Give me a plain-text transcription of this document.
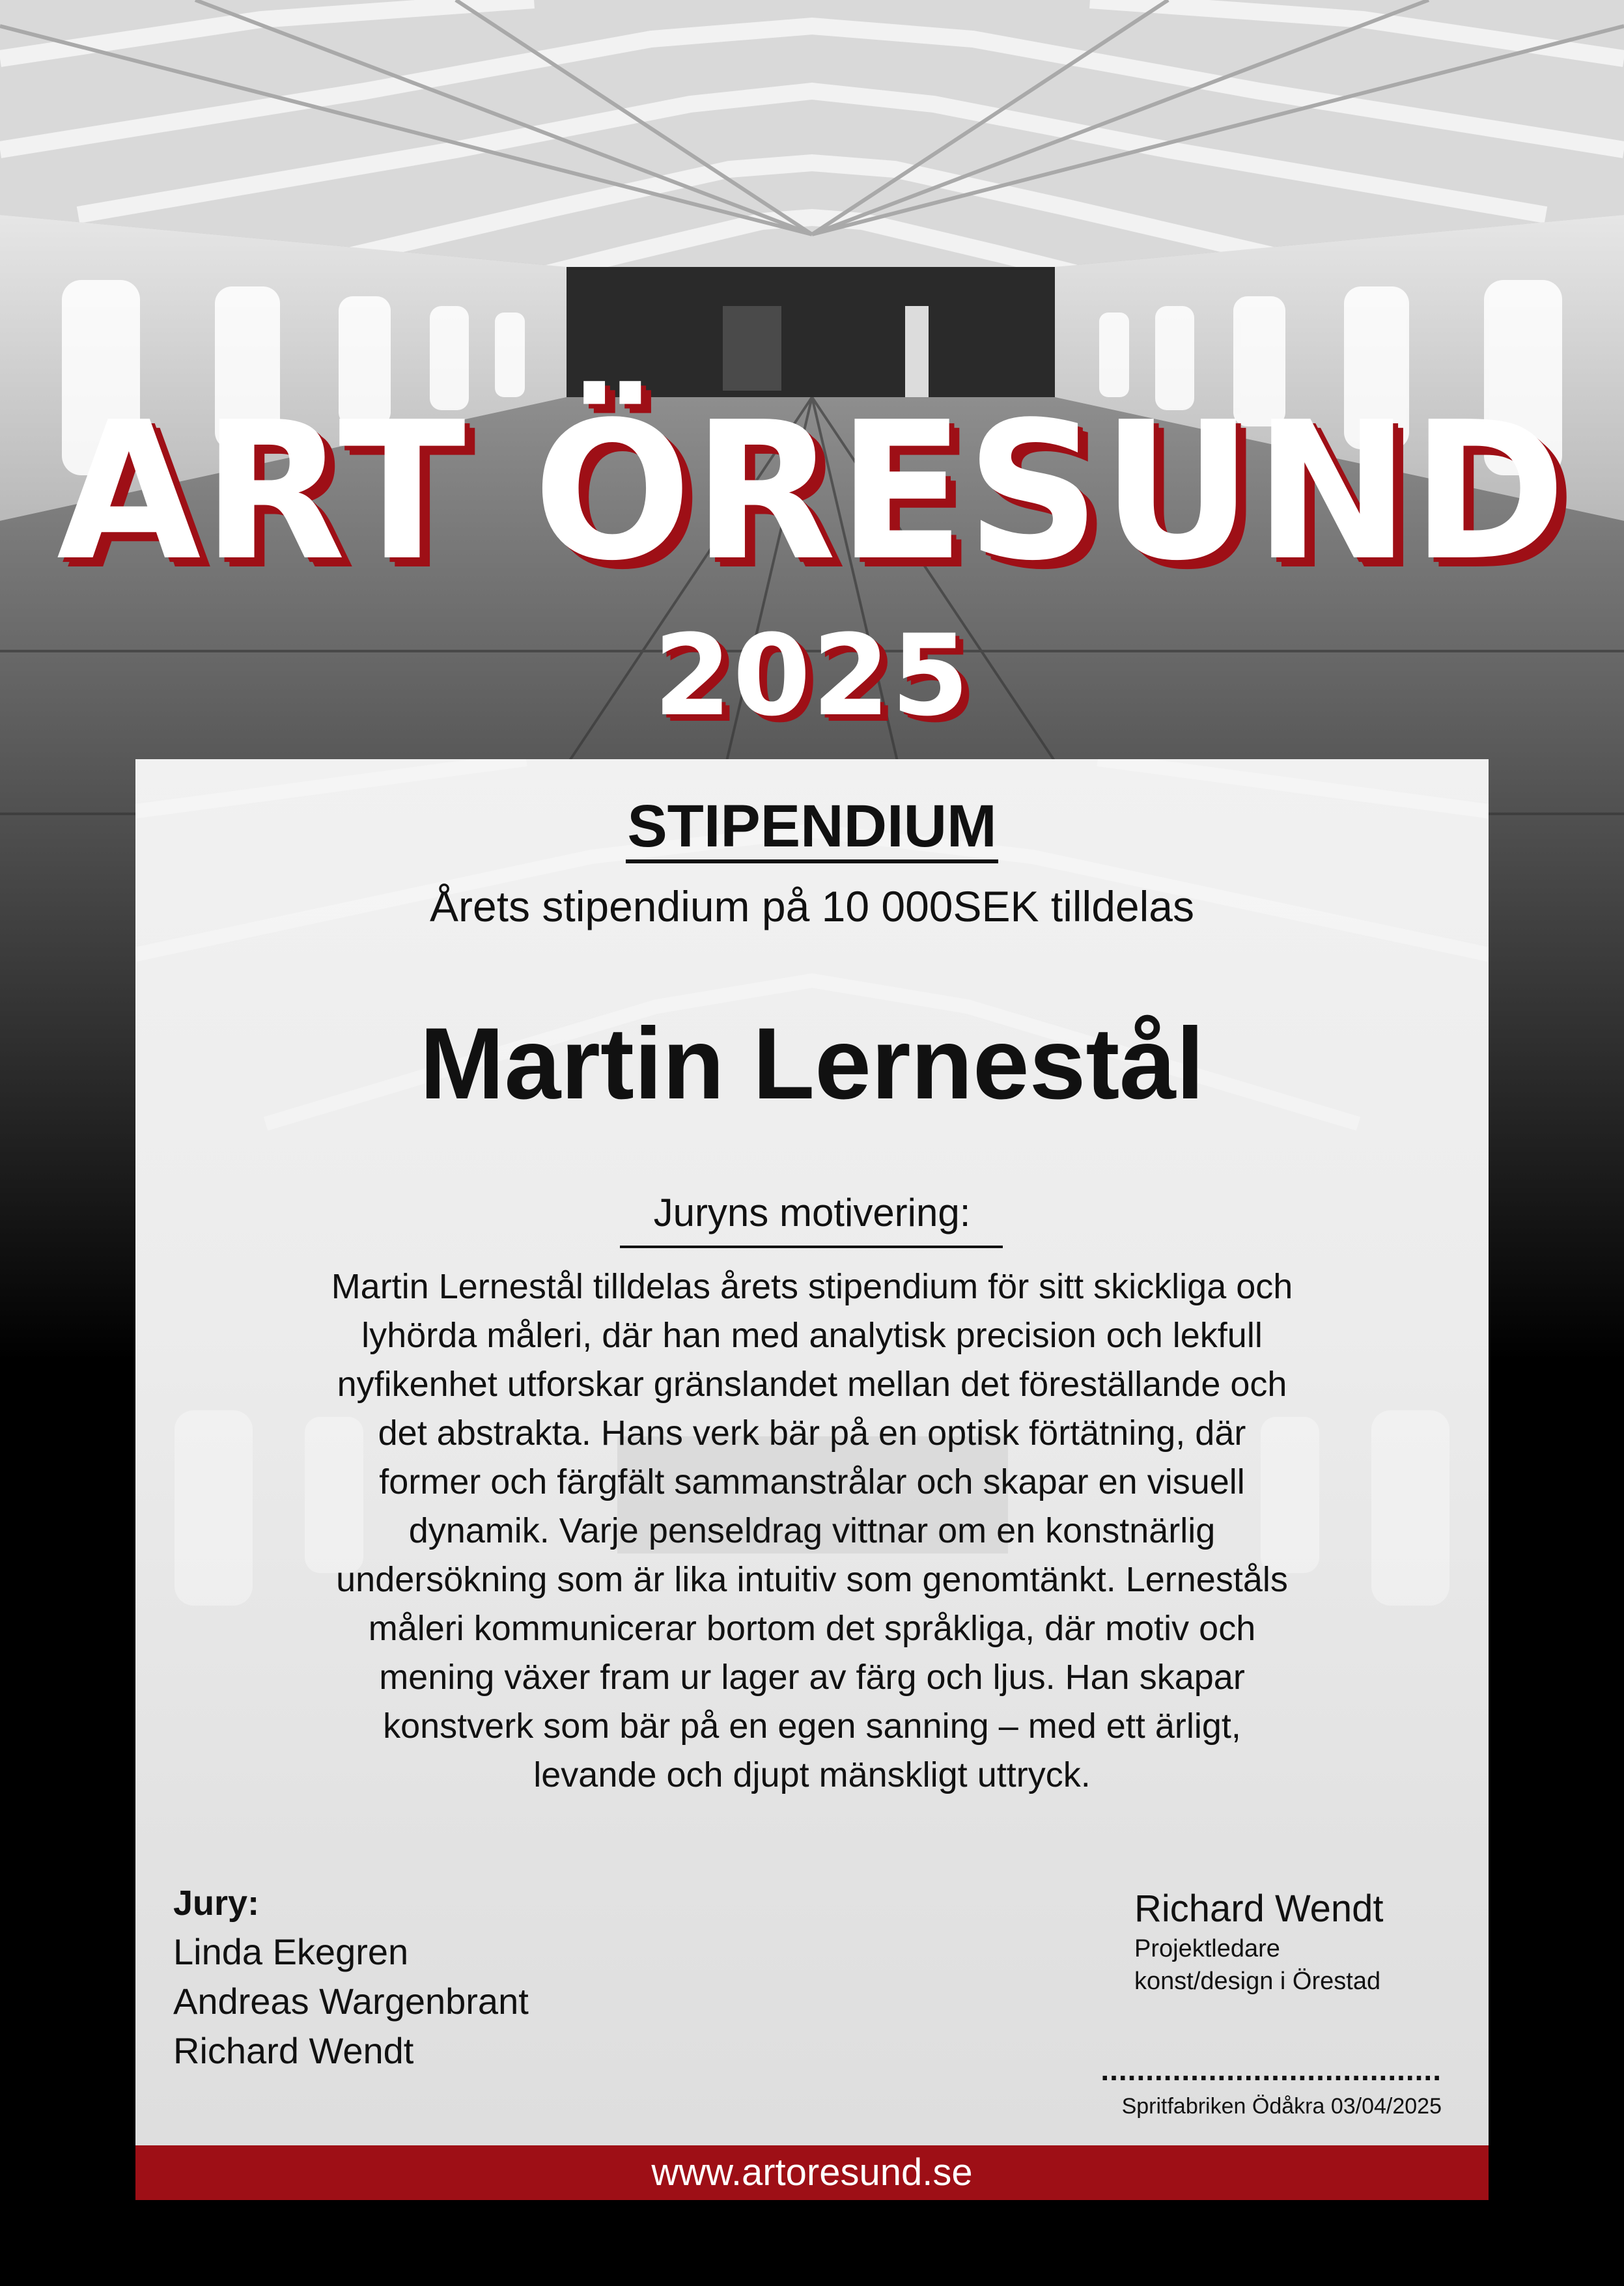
ART ÖRESUND
2025
STIPENDIUM
Årets stipendium på 10 000SEK tilldelas
Martin Lernestål
Juryns motivering:
Martin Lernestål tilldelas årets stipendium för sitt skickliga och
lyhörda måleri, där han med analytisk precision och lekfull
nyfikenhet utforskar gränslandet mellan det föreställande och
det abstrakta. Hans verk bär på en optisk förtätning, där
former och färgfält sammanstrålar och skapar en visuell
dynamik. Varje penseldrag vittnar om en konstnärlig
undersökning som är lika intuitiv som genomtänkt. Lerneståls
måleri kommunicerar bortom det språkliga, där motiv och
mening växer fram ur lager av färg och ljus. Han skapar
konstverk som bär på en egen sanning – med ett ärligt,
levande och djupt mänskligt uttryck.
Jury:
Linda Ekegren
Andreas Wargenbrant
Richard Wendt
Richard Wendt
Projektledare
konst/design i Örestad
......................................
Spritfabriken Ödåkra 03/04/2025
www.artoresund.se
